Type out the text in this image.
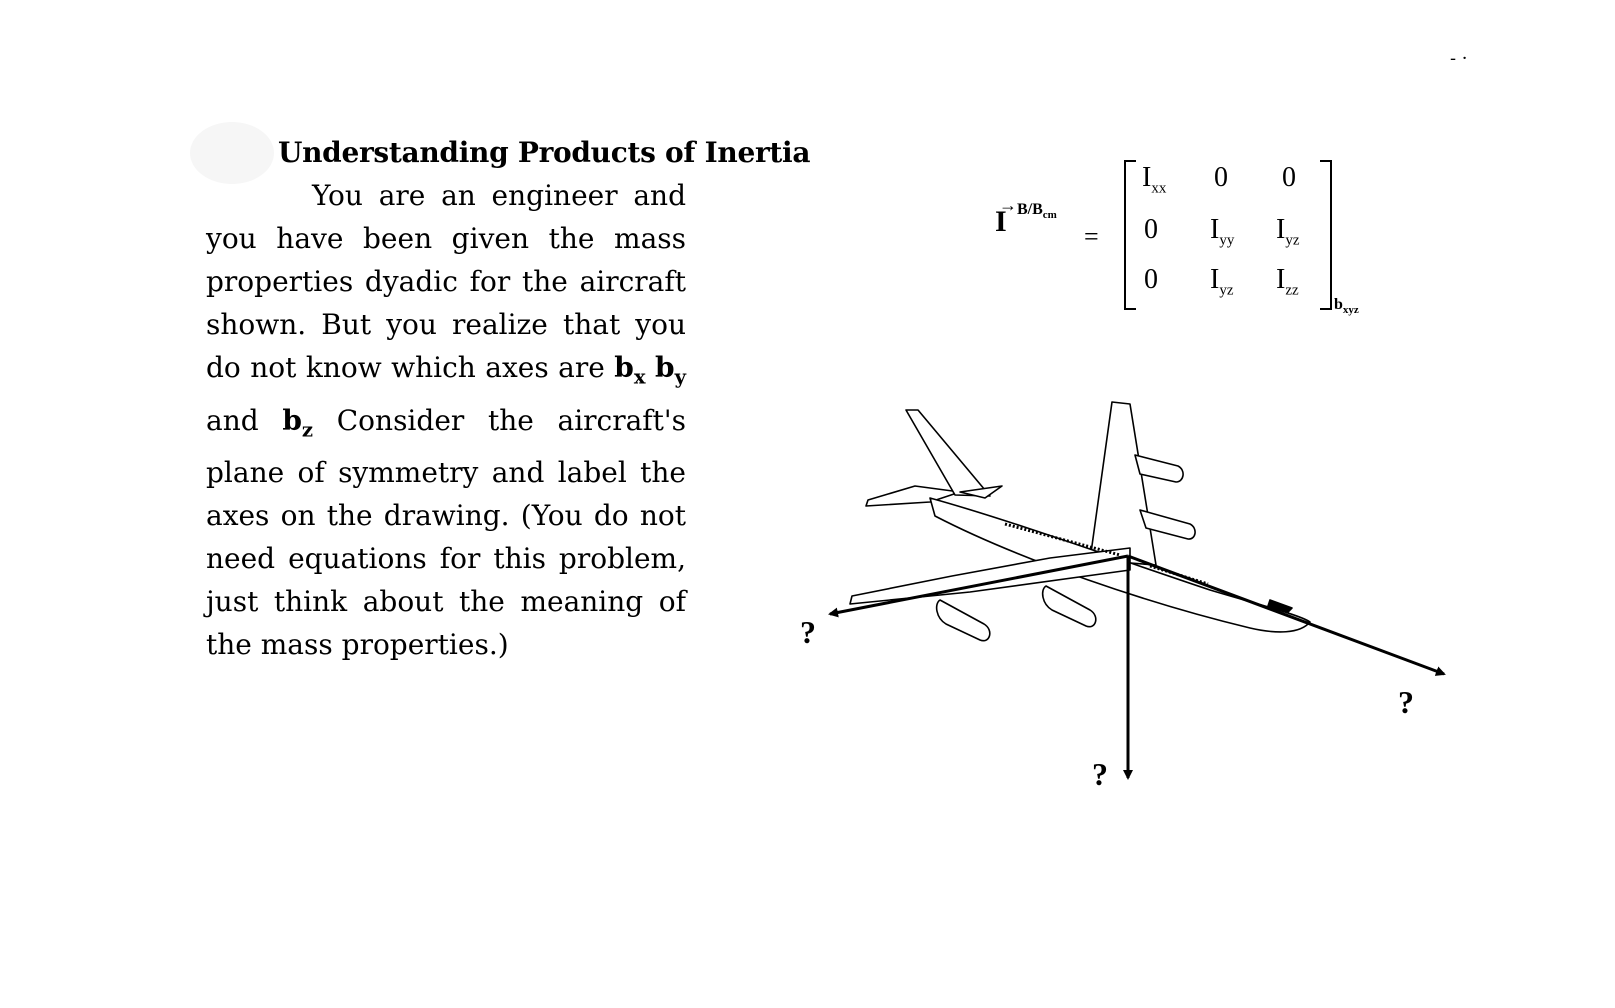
Understanding Products of Inertia
You are an engineer and you have been given the mass properties dyadic for the aircraft shown. But you realize that you do not know which axes are $b_x$ $b_y$ and $b_z$ Consider the aircraft's plane of symmetry and label the axes on the drawing. (You do not need equations for this problem, just think about the meaning of the mass properties.)
→
I $B/B_{cm}$
=
$I_{xx}$ 0 0
0 $I_{yy}$ $I_{yz}$
0 $I_{yz}$ $I_{zz}$
$b_{xyz}$
?
?
?
- ·
